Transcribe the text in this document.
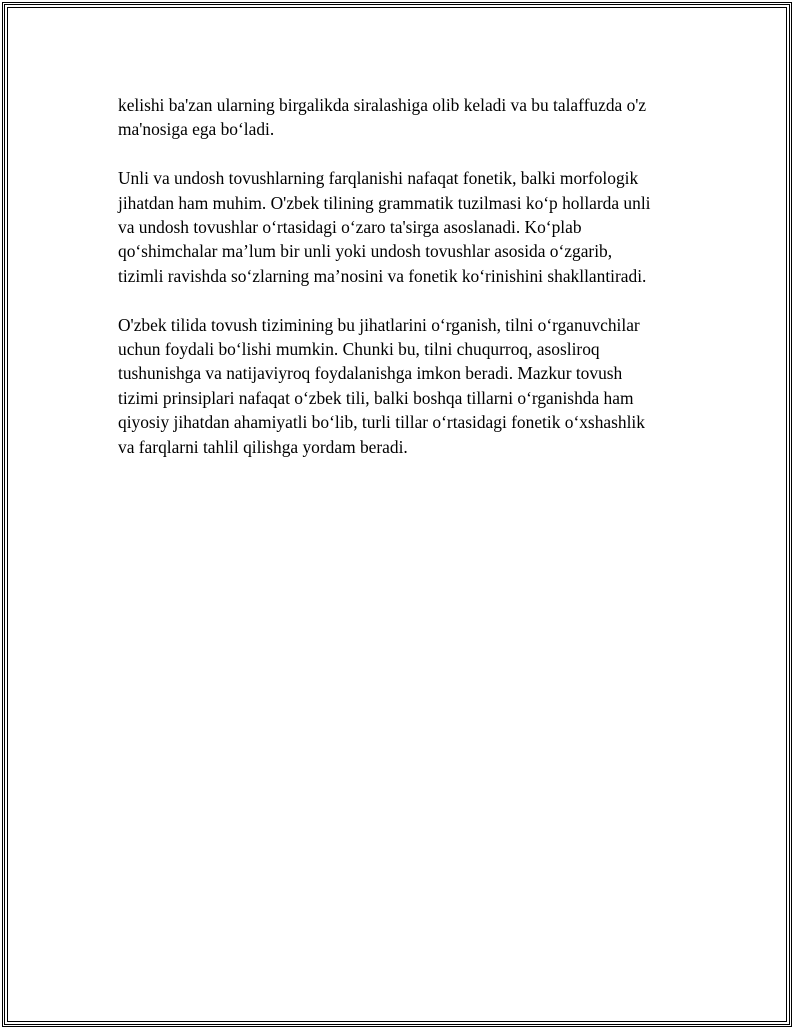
kelishi ba'zan ularning birgalikda siralashiga olib keladi va bu talaffuzda o'z
ma'nosiga ega bo‘ladi.

Unli va undosh tovushlarning farqlanishi nafaqat fonetik, balki morfologik
jihatdan ham muhim. O'zbek tilining grammatik tuzilmasi ko‘p hollarda unli
va undosh tovushlar o‘rtasidagi o‘zaro ta'sirga asoslanadi. Ko‘plab
qo‘shimchalar ma’lum bir unli yoki undosh tovushlar asosida o‘zgarib,
tizimli ravishda so‘zlarning ma’nosini va fonetik ko‘rinishini shakllantiradi.

O'zbek tilida tovush tizimining bu jihatlarini o‘rganish, tilni o‘rganuvchilar
uchun foydali bo‘lishi mumkin. Chunki bu, tilni chuqurroq, asosliroq
tushunishga va natijaviyroq foydalanishga imkon beradi. Mazkur tovush
tizimi prinsiplari nafaqat o‘zbek tili, balki boshqa tillarni o‘rganishda ham
qiyosiy jihatdan ahamiyatli bo‘lib, turli tillar o‘rtasidagi fonetik o‘xshashlik
va farqlarni tahlil qilishga yordam beradi.
